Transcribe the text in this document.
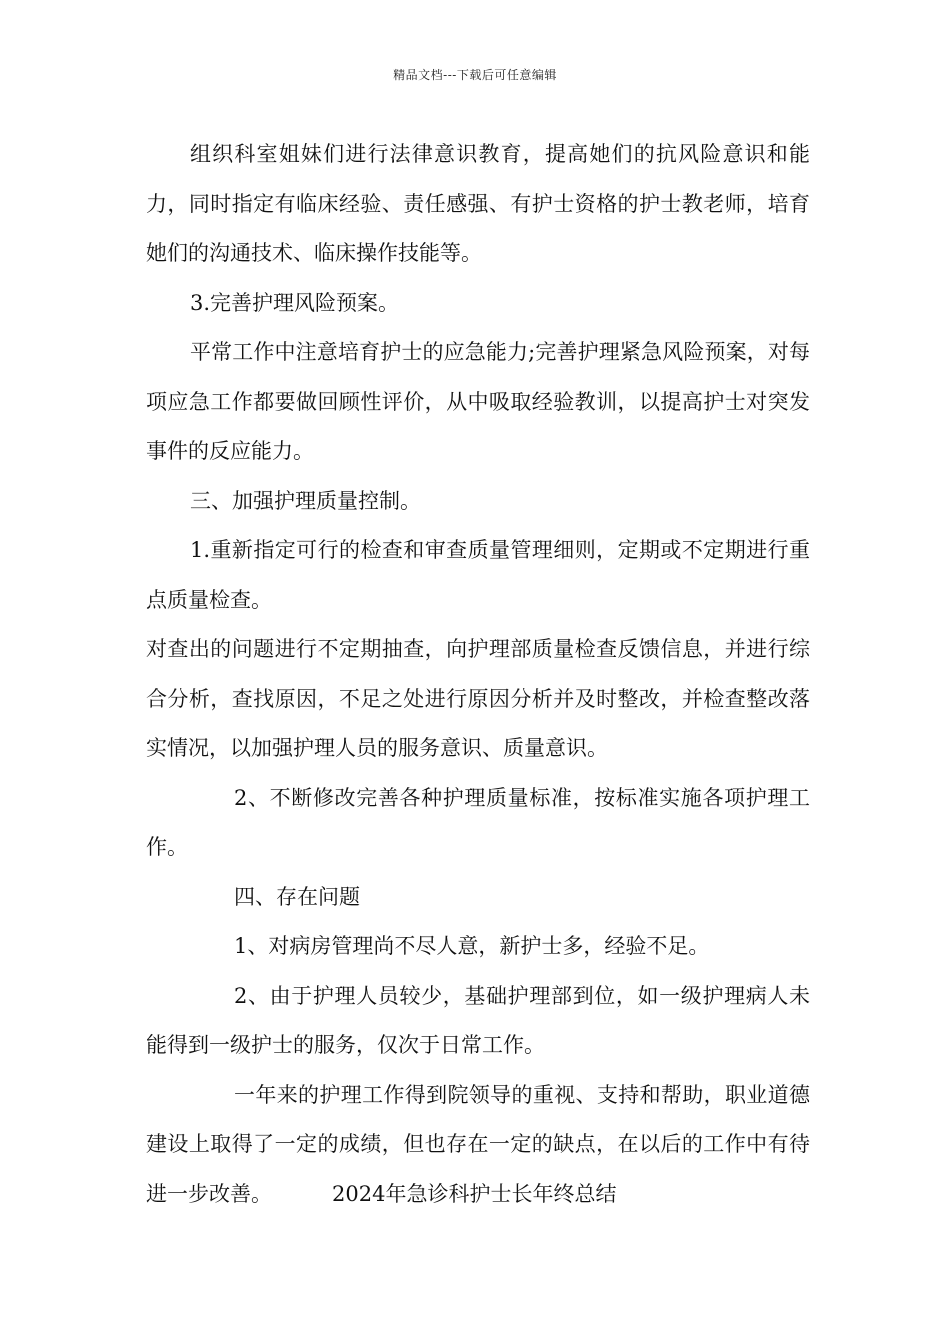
精品文档---下载后可任意编辑

组织科室姐妹们进行法律意识教育，提高她们的抗风险意识和能力，同时指定有临床经验、责任感强、有护士资格的护士教老师，培育她们的沟通技术、临床操作技能等。

3.完善护理风险预案。

平常工作中注意培育护士的应急能力;完善护理紧急风险预案，对每项应急工作都要做回顾性评价，从中吸取经验教训，以提高护士对突发事件的反应能力。

三、加强护理质量控制。

1.重新指定可行的检查和审查质量管理细则，定期或不定期进行重点质量检查。

对查出的问题进行不定期抽查，向护理部质量检查反馈信息，并进行综合分析，查找原因，不足之处进行原因分析并及时整改，并检查整改落实情况，以加强护理人员的服务意识、质量意识。

2、不断修改完善各种护理质量标准，按标准实施各项护理工作。

四、存在问题

1、对病房管理尚不尽人意，新护士多，经验不足。

2、由于护理人员较少，基础护理部到位，如一级护理病人未能得到一级护士的服务，仅次于日常工作。

一年来的护理工作得到院领导的重视、支持和帮助，职业道德建设上取得了一定的成绩，但也存在一定的缺点，在以后的工作中有待进一步改善。	2024年急诊科护士长年终总结
